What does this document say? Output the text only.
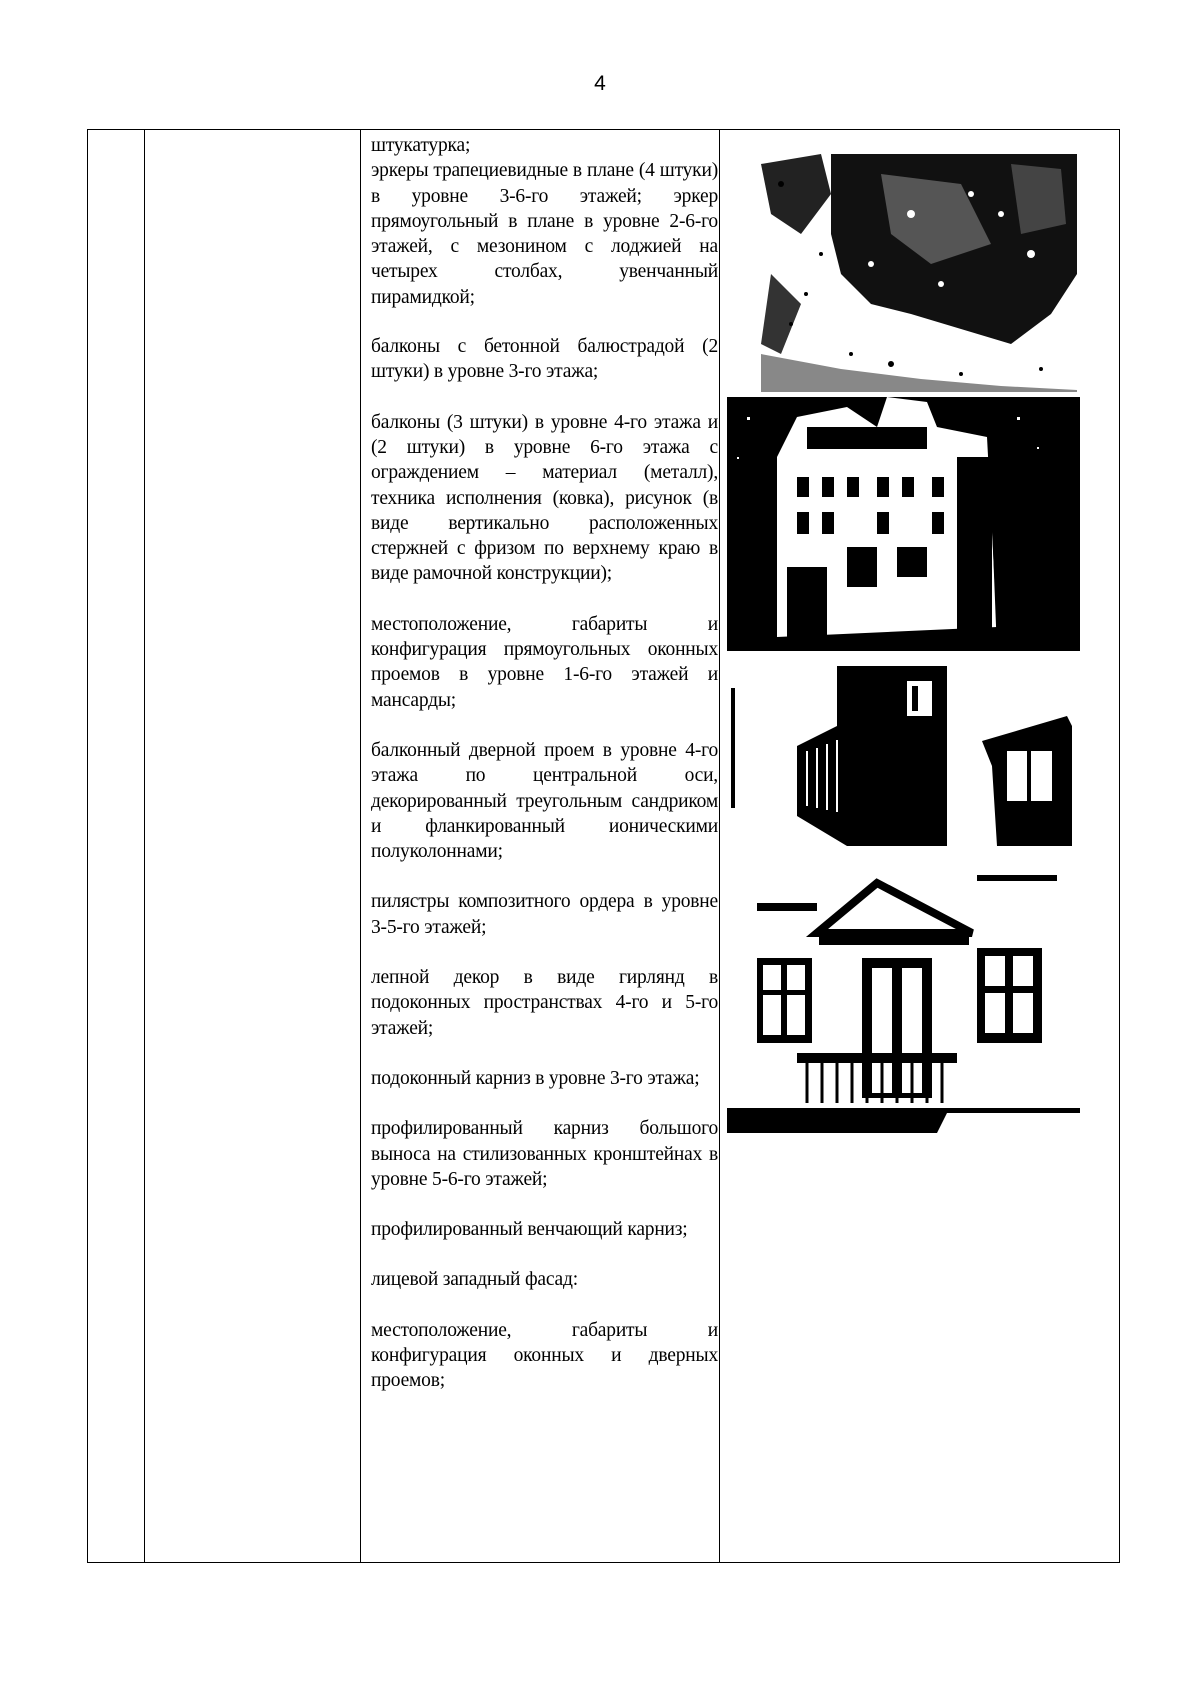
4

штукатурка;
эркеры трапециевидные в плане (4 штуки) в уровне 3-6-го этажей; эркер прямоугольный в плане в уровне 2-6-го этажей, с мезонином с лоджией на четырех столбах, увенчанный пирамидкой;

балконы с бетонной балюстрадой (2 штуки) в уровне 3-го этажа;

балконы (3 штуки) в уровне 4-го этажа и (2 штуки) в уровне 6-го этажа с ограждением – материал (металл), техника исполнения (ковка), рисунок (в виде вертикально расположенных стержней с фризом по верхнему краю в виде рамочной конструкции);

местоположение, габариты и конфигурация прямоугольных оконных проемов в уровне 1-6-го этажей и мансарды;

балконный дверной проем в уровне 4-го этажа по центральной оси, декорированный треугольным сандриком и фланкированный ионическими полуколоннами;

пилястры композитного ордера в уровне 3-5-го этажей;

лепной декор в виде гирлянд в подоконных пространствах 4-го и 5-го этажей;

подоконный карниз в уровне 3-го этажа;

профилированный карниз большого выноса на стилизованных кронштейнах в уровне 5-6-го этажей;

профилированный венчающий карниз;

лицевой западный фасад:

местоположение, габариты и конфигурация оконных и дверных проемов;
